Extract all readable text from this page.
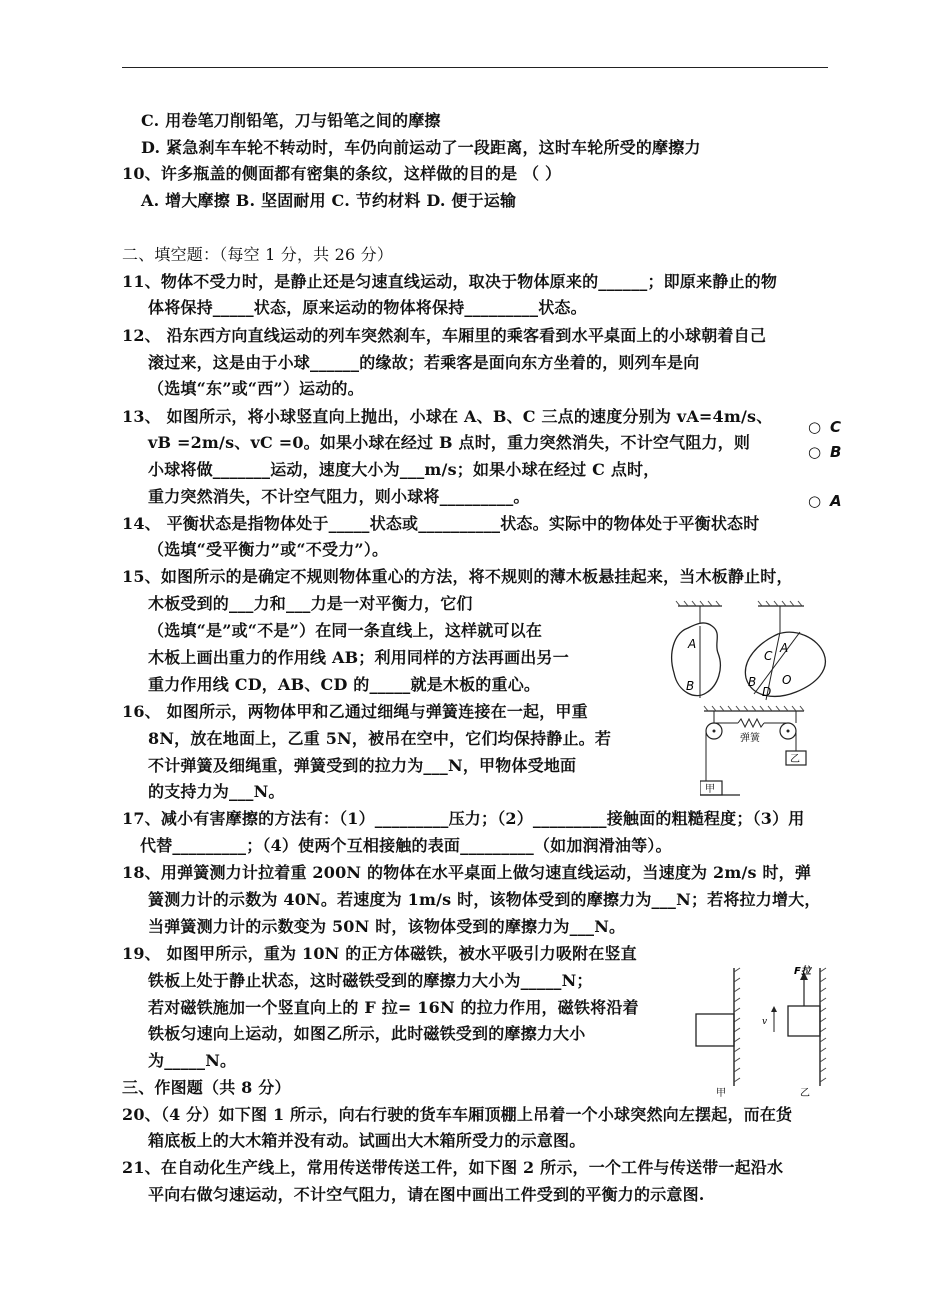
C. 用卷笔刀削铅笔，刀与铅笔之间的摩擦
D. 紧急刹车车轮不转动时，车仍向前运动了一段距离，这时车轮所受的摩擦力
10、许多瓶盖的侧面都有密集的条纹，这样做的目的是 （ ）
A. 增大摩擦 B. 坚固耐用 C. 节约材料 D. 便于运输
二、填空题：（每空 1 分，共 26 分）
11、物体不受力时，是静止还是匀速直线运动，取决于物体原来的______；即原来静止的物
体将保持_____状态，原来运动的物体将保持_________状态。
12、 沿东西方向直线运动的列车突然刹车，车厢里的乘客看到水平桌面上的小球朝着自己
滚过来，这是由于小球______的缘故；若乘客是面向东方坐着的，则列车是向
（选填“东”或“西”）运动的。
13、 如图所示，将小球竖直向上抛出，小球在 A、B、C 三点的速度分别为 vA=4m/s、
vB =2m/s、vC =0。如果小球在经过 B 点时，重力突然消失，不计空气阻力，则
小球将做_______运动，速度大小为___m/s；如果小球在经过 C 点时，
重力突然消失，不计空气阻力，则小球将_________。
14、 平衡状态是指物体处于_____状态或__________状态。实际中的物体处于平衡状态时
（选填“受平衡力”或“不受力”）。
15、如图所示的是确定不规则物体重心的方法，将不规则的薄木板悬挂起来，当木板静止时，
木板受到的___力和___力是一对平衡力，它们
（选填“是”或“不是”）在同一条直线上，这样就可以在
木板上画出重力的作用线 AB；利用同样的方法再画出另一
重力作用线 CD，AB、CD 的_____就是木板的重心。
16、 如图所示，两物体甲和乙通过细绳与弹簧连接在一起，甲重
8N，放在地面上，乙重 5N，被吊在空中，它们均保持静止。若
不计弹簧及细绳重，弹簧受到的拉力为___N，甲物体受地面
的支持力为___N。
17、减小有害摩擦的方法有：（1）_________压力；（2）_________接触面的粗糙程度；（3）用
代替_________；（4）使两个互相接触的表面_________（如加润滑油等）。
18、用弹簧测力计拉着重 200N 的物体在水平桌面上做匀速直线运动，当速度为 2m/s 时，弹
簧测力计的示数为 40N。若速度为 1m/s 时，该物体受到的摩擦力为___N；若将拉力增大，
当弹簧测力计的示数变为 50N 时，该物体受到的摩擦力为___N。
19、 如图甲所示，重为 10N 的正方体磁铁，被水平吸引力吸附在竖直
铁板上处于静止状态，这时磁铁受到的摩擦力大小为_____N；
若对磁铁施加一个竖直向上的 F 拉= 16N 的拉力作用，磁铁将沿着
铁板匀速向上运动，如图乙所示，此时磁铁受到的摩擦力大小
为_____N。
三、作图题（共 8 分）
20、（4 分）如下图 1 所示，向右行驶的货车车厢顶棚上吊着一个小球突然向左摆起，而在货
箱底板上的大木箱并没有动。试画出大木箱所受力的示意图。
21、在自动化生产线上，常用传送带传送工件，如下图 2 所示，一个工件与传送带一起沿水
平向右做匀速运动，不计空气阻力，请在图中画出工件受到的平衡力的示意图.
○ C
○ B
○ A
A
B
C
A
B
D
O
弹簧
甲
乙
甲
F拉
v
乙
